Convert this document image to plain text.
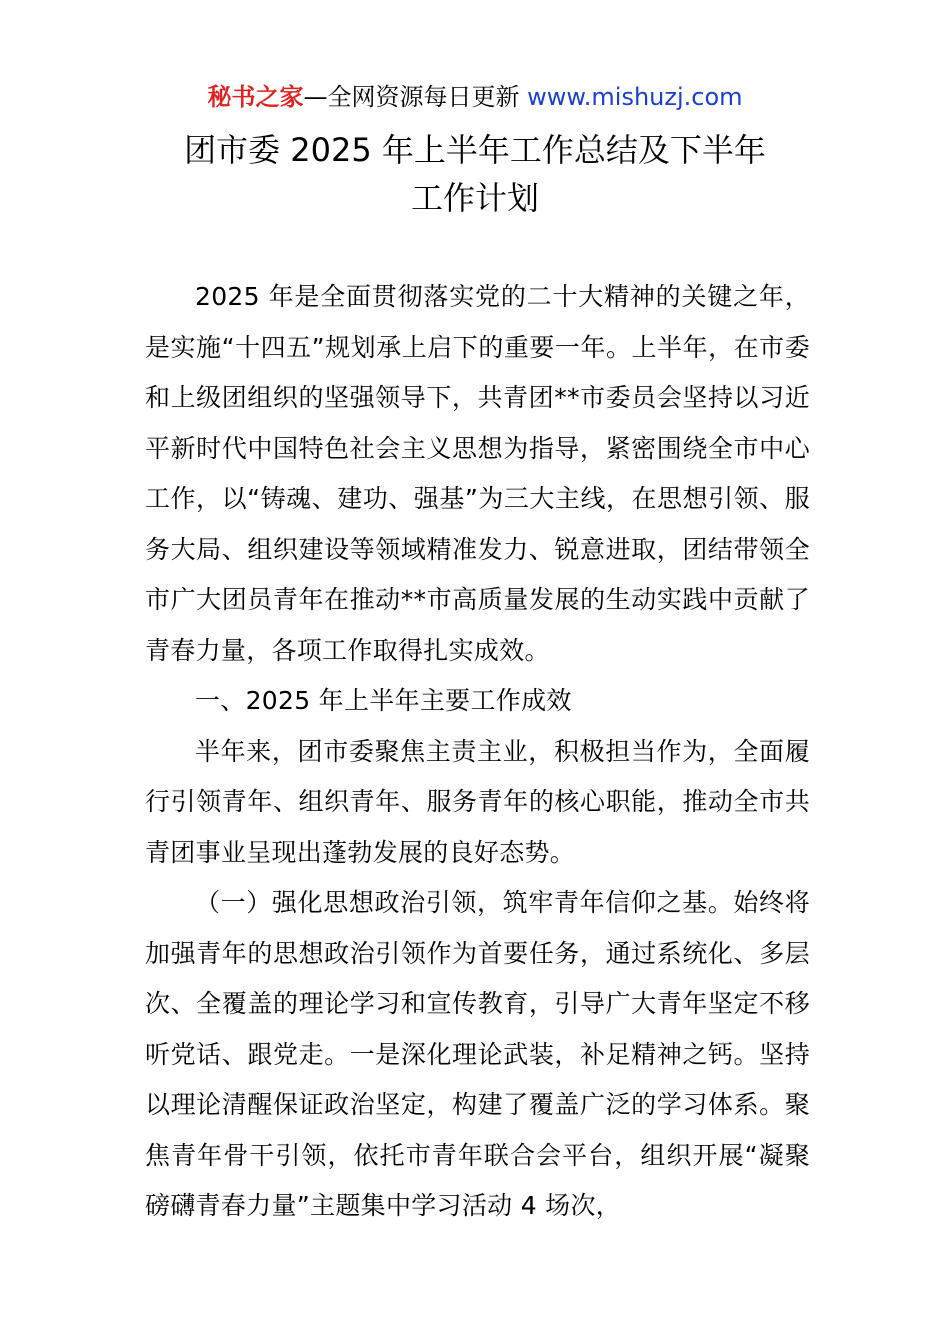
秘书之家—全网资源每日更新 www.mishuzj.com
团市委 2025 年上半年工作总结及下半年
工作计划

2025 年是全面贯彻落实党的二十大精神的关键之年，是实施“十四五”规划承上启下的重要一年。上半年，在市委和上级团组织的坚强领导下，共青团**市委员会坚持以习近平新时代中国特色社会主义思想为指导，紧密围绕全市中心工作，以“铸魂、建功、强基”为三大主线，在思想引领、服务大局、组织建设等领域精准发力、锐意进取，团结带领全市广大团员青年在推动**市高质量发展的生动实践中贡献了青春力量，各项工作取得扎实成效。

一、2025 年上半年主要工作成效

半年来，团市委聚焦主责主业，积极担当作为，全面履行引领青年、组织青年、服务青年的核心职能，推动全市共青团事业呈现出蓬勃发展的良好态势。

（一）强化思想政治引领，筑牢青年信仰之基。始终将加强青年的思想政治引领作为首要任务，通过系统化、多层次、全覆盖的理论学习和宣传教育，引导广大青年坚定不移听党话、跟党走。一是深化理论武装，补足精神之钙。坚持以理论清醒保证政治坚定，构建了覆盖广泛的学习体系。聚焦青年骨干引领，依托市青年联合会平台，组织开展“凝聚磅礴青春力量”主题集中学习活动 4 场次，
